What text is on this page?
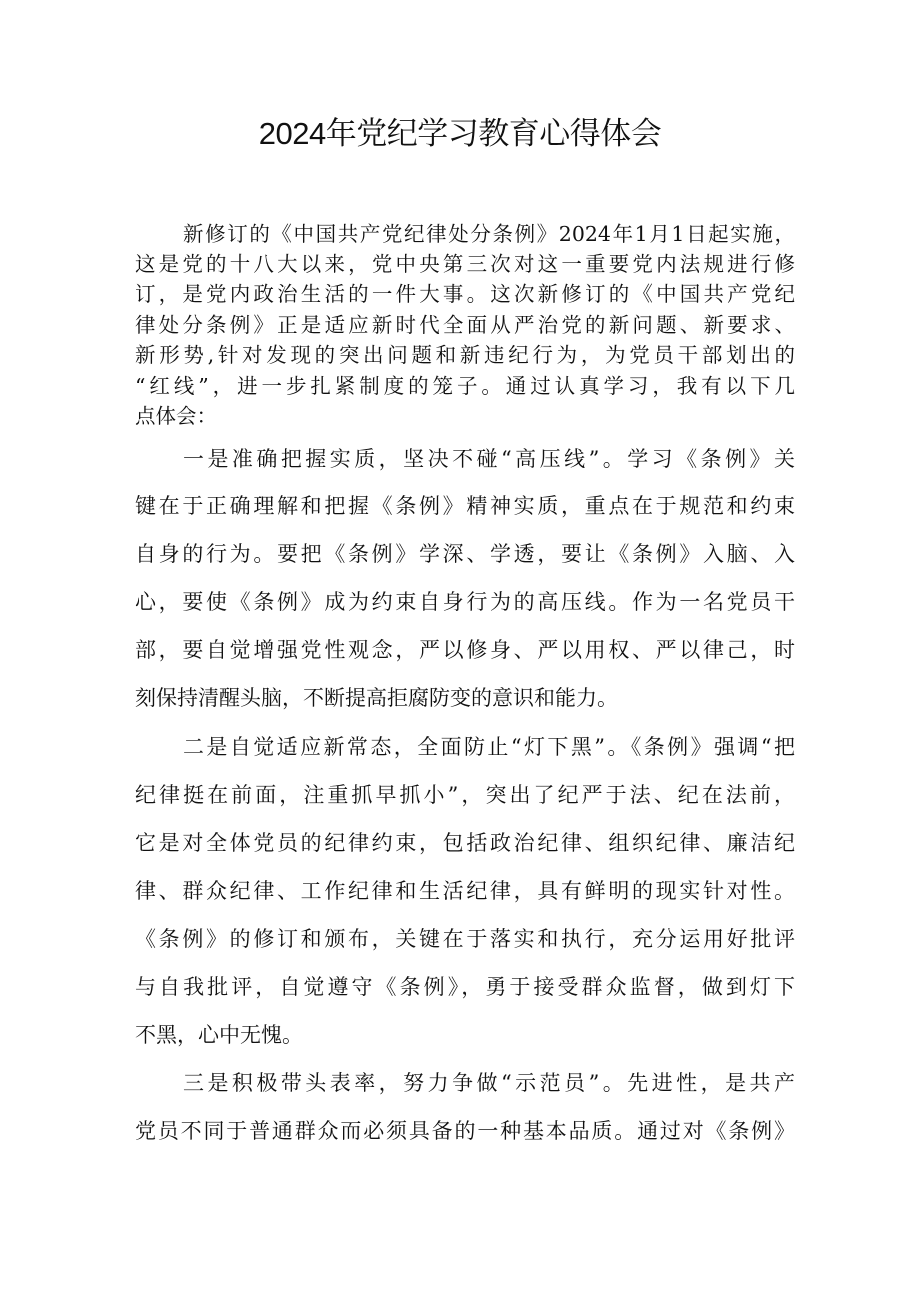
2024年党纪学习教育心得体会
新修订的《中国共产党纪律处分条例》2024年1月1日起实施，
这是党的十八大以来，党中央第三次对这一重要党内法规进行修
订，是党内政治生活的一件大事。这次新修订的《中国共产党纪
律处分条例》正是适应新时代全面从严治党的新问题、新要求、
新形势,针对发现的突出问题和新违纪行为，为党员干部划出的
“红线”，进一步扎紧制度的笼子。通过认真学习，我有以下几
点体会：
一是准确把握实质，坚决不碰“高压线”。学习《条例》关
键在于正确理解和把握《条例》精神实质，重点在于规范和约束
自身的行为。要把《条例》学深、学透，要让《条例》入脑、入
心，要使《条例》成为约束自身行为的高压线。作为一名党员干
部，要自觉增强党性观念，严以修身、严以用权、严以律己，时
刻保持清醒头脑，不断提高拒腐防变的意识和能力。
二是自觉适应新常态，全面防止“灯下黑”。《条例》强调“把
纪律挺在前面，注重抓早抓小”，突出了纪严于法、纪在法前，
它是对全体党员的纪律约束，包括政治纪律、组织纪律、廉洁纪
律、群众纪律、工作纪律和生活纪律，具有鲜明的现实针对性。
《条例》的修订和颁布，关键在于落实和执行，充分运用好批评
与自我批评，自觉遵守《条例》，勇于接受群众监督，做到灯下
不黑，心中无愧。
三是积极带头表率，努力争做“示范员”。先进性，是共产
党员不同于普通群众而必须具备的一种基本品质。通过对《条例》
